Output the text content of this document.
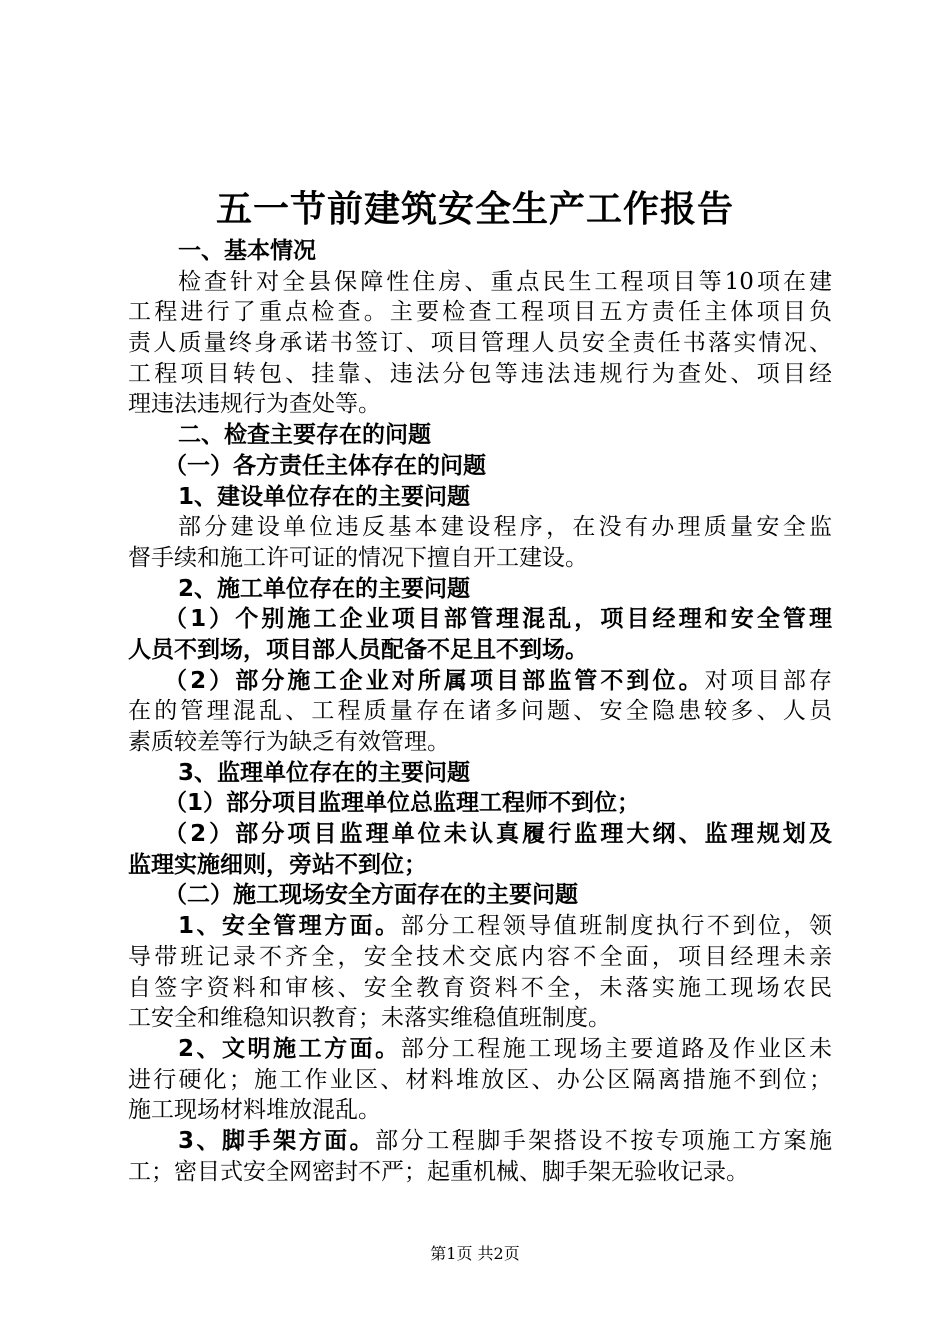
五一节前建筑安全生产工作报告
一、基本情况
检查针对全县保障性住房、重点民生工程项目等10项在建
工程进行了重点检查。主要检查工程项目五方责任主体项目负
责人质量终身承诺书签订、项目管理人员安全责任书落实情况、
工程项目转包、挂靠、违法分包等违法违规行为查处、项目经
理违法违规行为查处等。
二、检查主要存在的问题
（一）各方责任主体存在的问题
1、建设单位存在的主要问题
部分建设单位违反基本建设程序，在没有办理质量安全监
督手续和施工许可证的情况下擅自开工建设。
2、施工单位存在的主要问题
（1）个别施工企业项目部管理混乱，项目经理和安全管理
人员不到场，项目部人员配备不足且不到场。
（2）部分施工企业对所属项目部监管不到位。对项目部存
在的管理混乱、工程质量存在诸多问题、安全隐患较多、人员
素质较差等行为缺乏有效管理。
3、监理单位存在的主要问题
（1）部分项目监理单位总监理工程师不到位；
（2）部分项目监理单位未认真履行监理大纲、监理规划及
监理实施细则，旁站不到位；
（二）施工现场安全方面存在的主要问题
1、安全管理方面。部分工程领导值班制度执行不到位，领
导带班记录不齐全，安全技术交底内容不全面，项目经理未亲
自签字资料和审核、安全教育资料不全，未落实施工现场农民
工安全和维稳知识教育；未落实维稳值班制度。
2、文明施工方面。部分工程施工现场主要道路及作业区未
进行硬化；施工作业区、材料堆放区、办公区隔离措施不到位；
施工现场材料堆放混乱。
3、脚手架方面。部分工程脚手架搭设不按专项施工方案施
工；密目式安全网密封不严；起重机械、脚手架无验收记录。
第1页 共2页
